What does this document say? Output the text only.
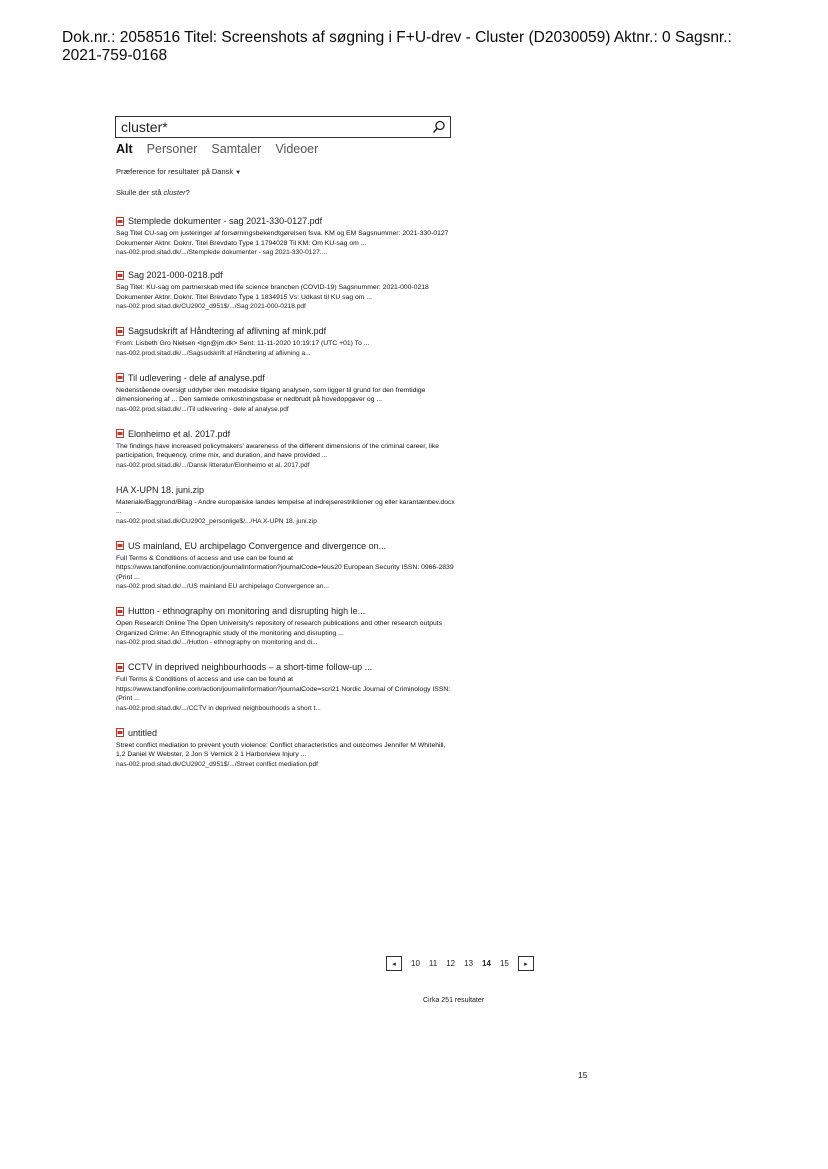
Dok.nr.: 2058516 Titel: Screenshots af søgning i F+U-drev - Cluster (D2030059) Aktnr.: 0 Sagsnr.:
2021-759-0168
cluster*
Alt Personer Samtaler Videoer
Præference for resultater på Dansk ▼
Skulle der stå cluster?
Stemplede dokumenter - sag 2021-330-0127.pdf
Sag Titel CU-sag om justeringer af forsørningsbekendtgørelsen fsva. KM og EM Sagsnummer: 2021-330-0127 Dokumenter Aktnr. Doknr. Titel Brevdato Type 1 1794028 Til KM: Om KU-sag om ...
nas-002.prod.sitad.dk/.../Stemplede dokumenter - sag 2021-330-0127....
Sag 2021-000-0218.pdf
Sag Titel: KU-sag om partnerskab med life science branchen (COVID-19) Sagsnummer: 2021-000-0218 Dokumenter Aktnr. Doknr. Titel Brevdato Type 1 1834915 Vs: Udkast til KU sag om ...
nas-002.prod.sitad.dk/CU2902_d951$/.../Sag 2021-000-0218.pdf
Sagsudskrift af Håndtering af aflivning af mink.pdf
From: Lisbeth Gro Nielsen <lgn@jm.dk> Sent: 11-11-2020 10:19:17 (UTC +01) To ...
nas-002.prod.sitad.dk/.../Sagsudskrift af Håndtering af aflivning a...
Til udlevering - dele af analyse.pdf
Nedenstående oversigt uddyber den metodiske tilgang analysen, som ligger til grund for den fremtidige dimensionering af ... Den samlede omkostningsbase er nedbrudt på hovedopgaver og ...
nas-002.prod.sitad.dk/.../Til udlevering - dele af analyse.pdf
Elonheimo et al. 2017.pdf
The findings have increased policymakers' awareness of the different dimensions of the criminal career, like participation, frequency, crime mix, and duration, and have provided ...
nas-002.prod.sitad.dk/.../Dansk litteratur/Elonheimo et al. 2017.pdf
HA X-UPN 18. juni.zip
Materiale/Baggrund/Bilag - Andre europæiske landes lempelse af indrejserestriktioner og eller karantæ​nbev.docx ...
nas-002.prod.sitad.dk/CU2902_personlige$/.../HA X-UPN 18. juni.zip
US mainland, EU archipelago Convergence and divergence on...
Full Terms & Conditions of access and use can be found at https://www.tandfonline.com/action/journalInformation?journalCode=feus20 European Security ISSN: 0966-2839 (Print ...
nas-002.prod.sitad.dk/.../US mainland EU archipelago Convergence an...
Hutton - ethnography on monitoring and disrupting high le...
Open Research Online The Open University's repository of research publications and other research outputs Organized Crime: An Ethnographic study of the monitoring and disrupting ...
nas-002.prod.sitad.dk/.../Hutton - ethnography on monitoring and di...
CCTV in deprived neighbourhoods – a short-time follow-up ...
Full Terms & Conditions of access and use can be found at https://www.tandfonline.com/action/journalInformation?journalCode=scri21 Nordic Journal of Criminology ISSN: (Print ...
nas-002.prod.sitad.dk/.../CCTV in deprived neighbourhoods a short t...
untitled
Street conflict mediation to prevent youth violence: Conflict characteristics and outcomes Jennifer M Whitehill, 1,2 Daniel W Webster, 2 Jon S Vernick 2 1 Harborview Injury ...
nas-002.prod.sitad.dk/CU2902_d951$/.../Street conflict mediation.pdf
◂ 10 11 12 13 14 15 ▸
Cirka 251 resultater
15
